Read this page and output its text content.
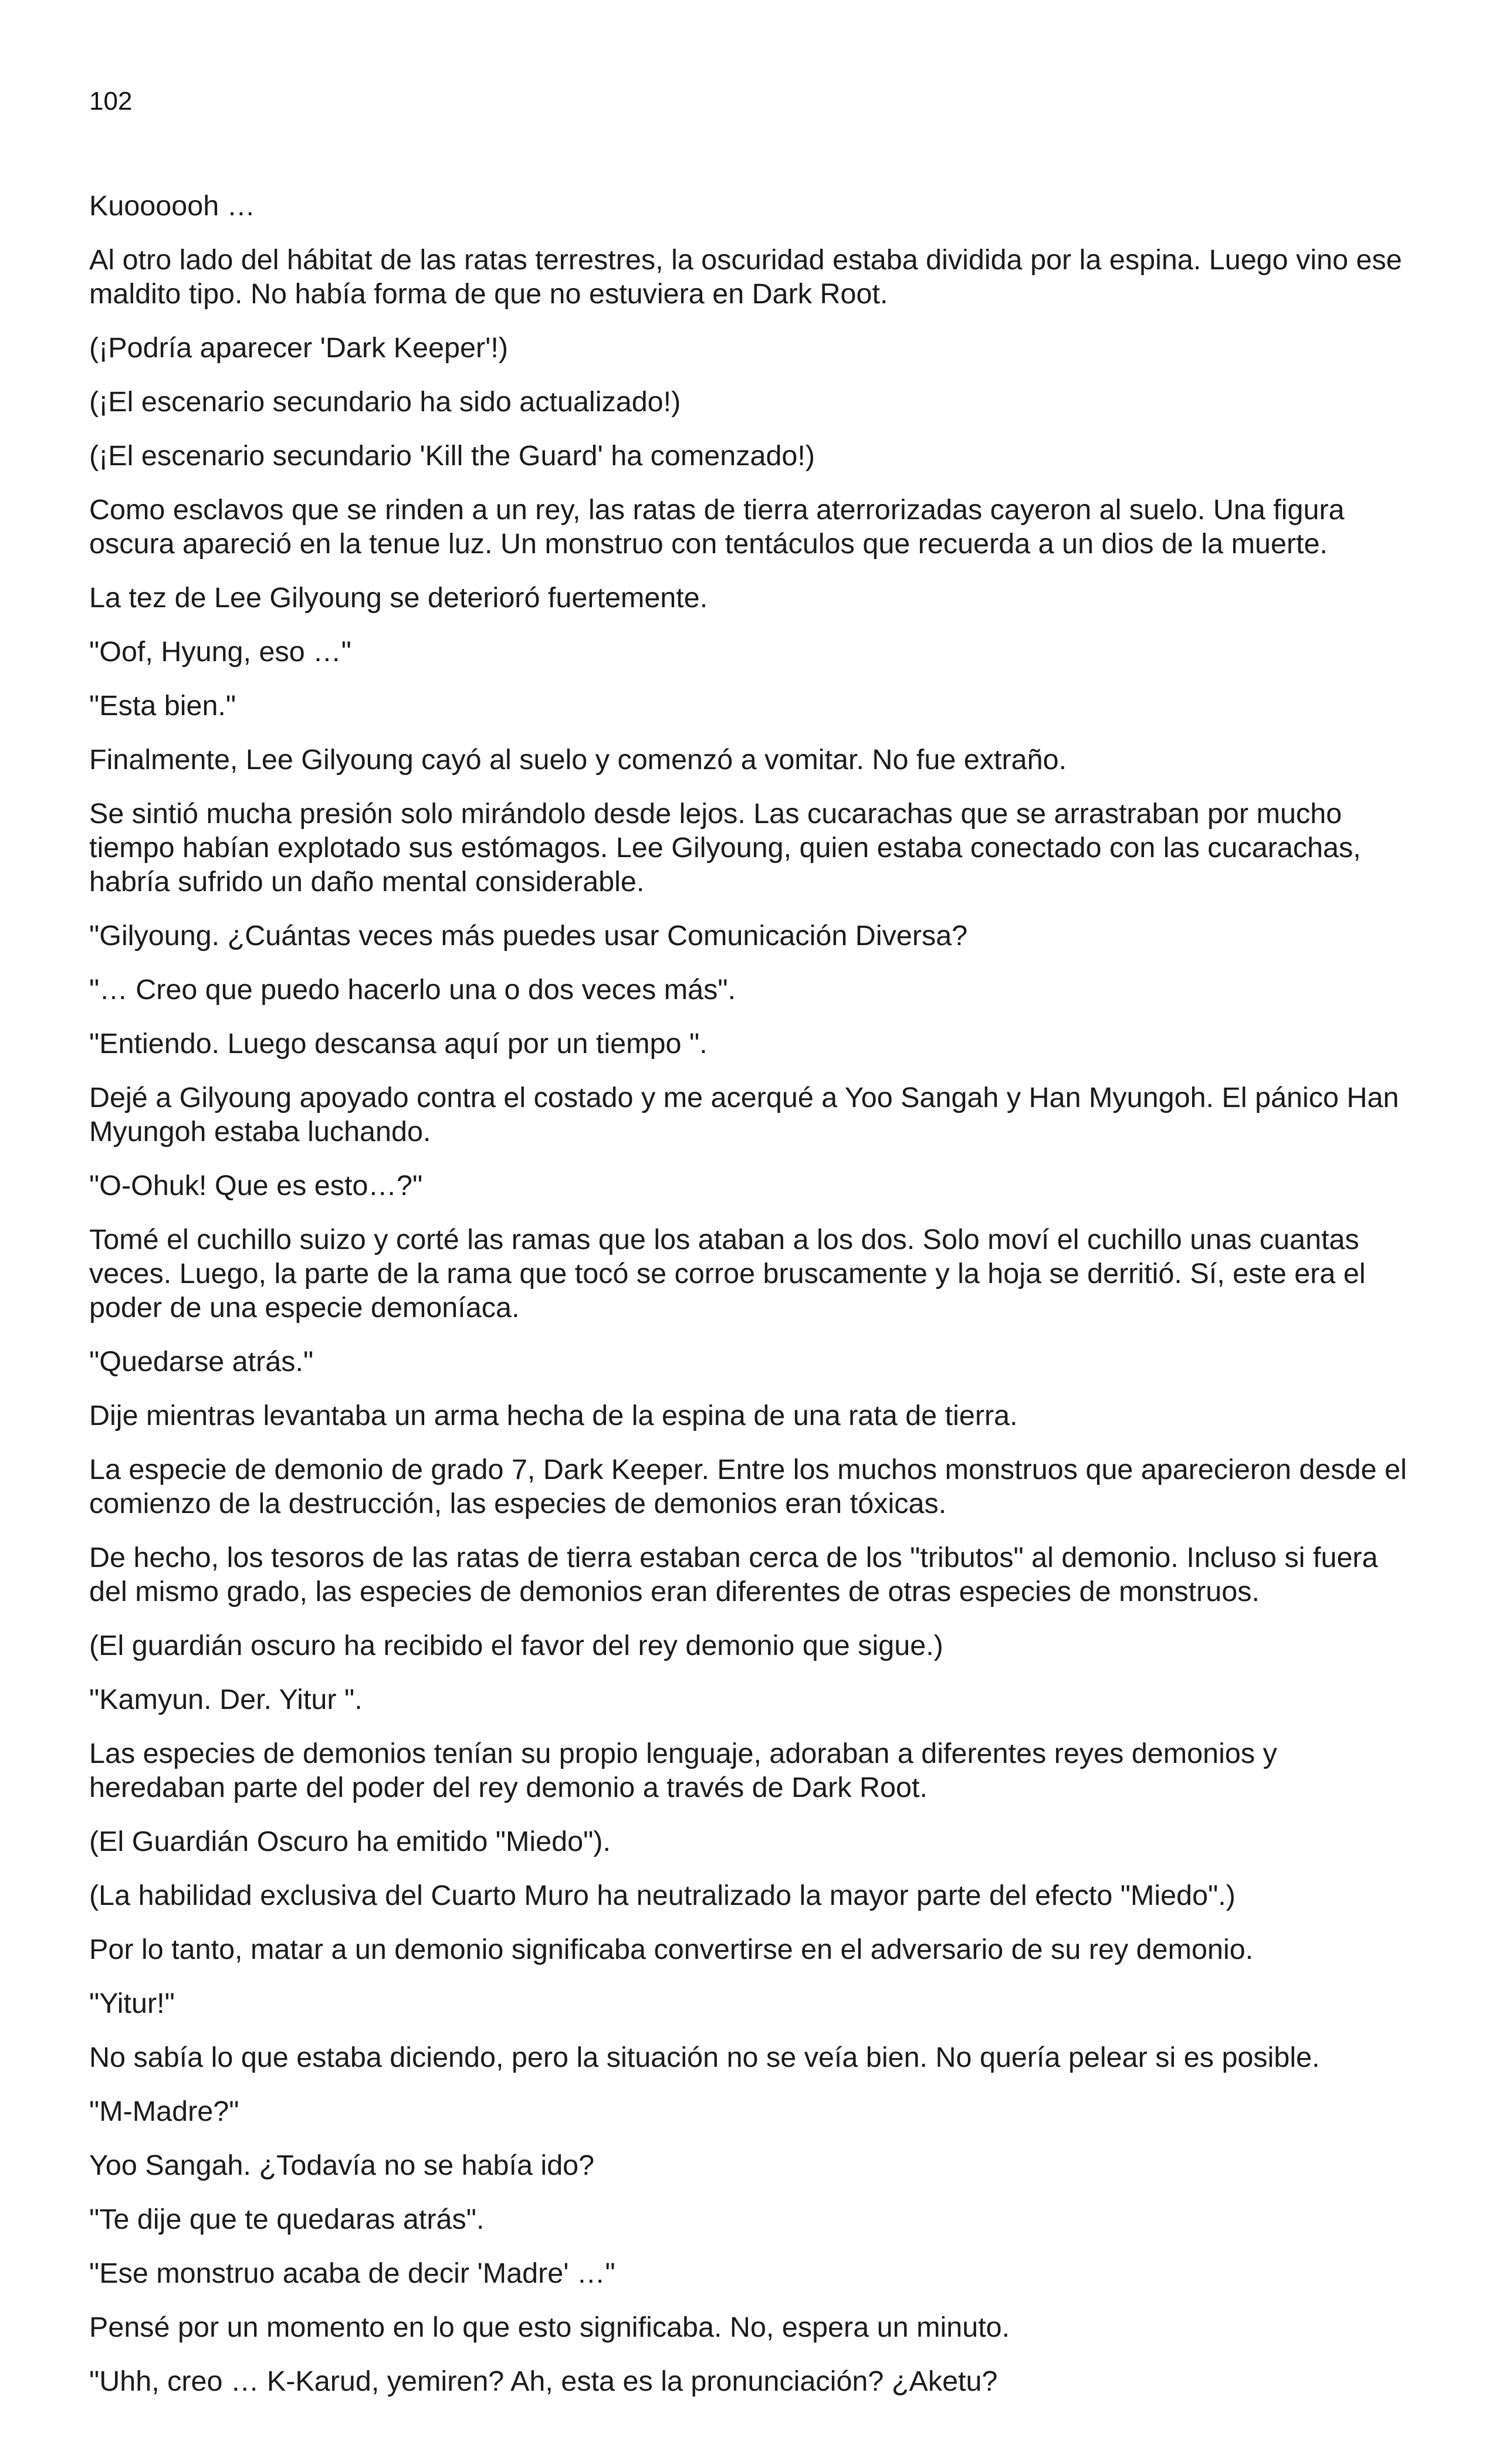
102

Kuoooooh …

Al otro lado del hábitat de las ratas terrestres, la oscuridad estaba dividida por la espina. Luego vino ese maldito tipo. No había forma de que no estuviera en Dark Root.

(¡Podría aparecer 'Dark Keeper'!)

(¡El escenario secundario ha sido actualizado!)

(¡El escenario secundario 'Kill the Guard' ha comenzado!)

Como esclavos que se rinden a un rey, las ratas de tierra aterrorizadas cayeron al suelo. Una figura oscura apareció en la tenue luz. Un monstruo con tentáculos que recuerda a un dios de la muerte.

La tez de Lee Gilyoung se deterioró fuertemente.

"Oof, Hyung, eso …"

"Esta bien."

Finalmente, Lee Gilyoung cayó al suelo y comenzó a vomitar. No fue extraño.

Se sintió mucha presión solo mirándolo desde lejos. Las cucarachas que se arrastraban por mucho tiempo habían explotado sus estómagos. Lee Gilyoung, quien estaba conectado con las cucarachas, habría sufrido un daño mental considerable.

"Gilyoung. ¿Cuántas veces más puedes usar Comunicación Diversa?

"… Creo que puedo hacerlo una o dos veces más".

"Entiendo. Luego descansa aquí por un tiempo ".

Dejé a Gilyoung apoyado contra el costado y me acerqué a Yoo Sangah y Han Myungoh. El pánico Han Myungoh estaba luchando.

"O-Ohuk! Que es esto…?"

Tomé el cuchillo suizo y corté las ramas que los ataban a los dos. Solo moví el cuchillo unas cuantas veces. Luego, la parte de la rama que tocó se corroe bruscamente y la hoja se derritió. Sí, este era el poder de una especie demoníaca.

"Quedarse atrás."

Dije mientras levantaba un arma hecha de la espina de una rata de tierra.

La especie de demonio de grado 7, Dark Keeper. Entre los muchos monstruos que aparecieron desde el comienzo de la destrucción, las especies de demonios eran tóxicas.

De hecho, los tesoros de las ratas de tierra estaban cerca de los "tributos" al demonio. Incluso si fuera del mismo grado, las especies de demonios eran diferentes de otras especies de monstruos.

(El guardián oscuro ha recibido el favor del rey demonio que sigue.)

"Kamyun. Der. Yitur ".

Las especies de demonios tenían su propio lenguaje, adoraban a diferentes reyes demonios y heredaban parte del poder del rey demonio a través de Dark Root.

(El Guardián Oscuro ha emitido "Miedo").

(La habilidad exclusiva del Cuarto Muro ha neutralizado la mayor parte del efecto "Miedo".)

Por lo tanto, matar a un demonio significaba convertirse en el adversario de su rey demonio.

"Yitur!"

No sabía lo que estaba diciendo, pero la situación no se veía bien. No quería pelear si es posible.

"M-Madre?"

Yoo Sangah. ¿Todavía no se había ido?

"Te dije que te quedaras atrás".

"Ese monstruo acaba de decir 'Madre' …"

Pensé por un momento en lo que esto significaba. No, espera un minuto.

"Uhh, creo … K-Karud, yemiren? Ah, esta es la pronunciación? ¿Aketu?
